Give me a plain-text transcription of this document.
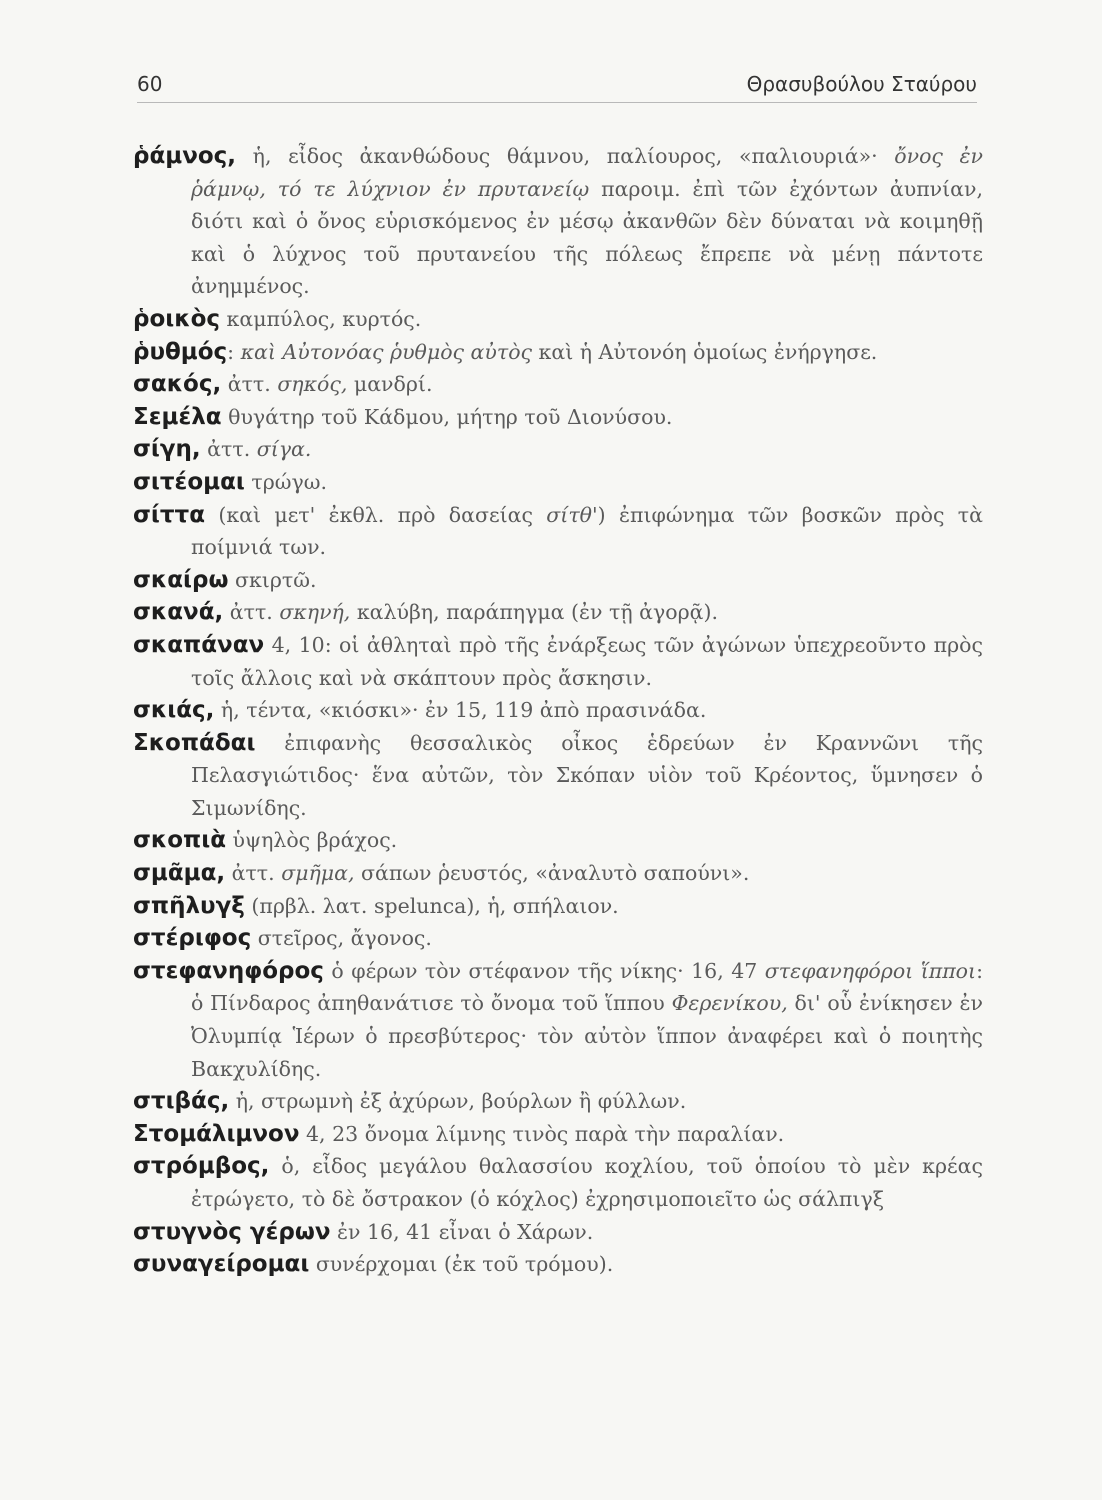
60	Θρασυβούλου Σταύρου
ῥάμνος, ἡ, εἶδος ἀκανθώδους θάμνου, παλίουρος, «παλιουριά»· ὄνος ἐν ῥάμνῳ, τό τε λύχνιον ἐν πρυτανείῳ παροιμ. ἐπὶ τῶν ἐχόντων ἀυπνίαν, διότι καὶ ὁ ὄνος εὑρισκόμενος ἐν μέσῳ ἀκανθῶν δὲν δύναται νὰ κοιμηθῇ καὶ ὁ λύχνος τοῦ πρυτανείου τῆς πόλεως ἔπρεπε νὰ μένῃ πάντοτε ἀνημμένος.
ῥοικὸς καμπύλος, κυρτός.
ῥυθμός: καὶ Αὐτονόας ῥυθμὸς αὐτὸς καὶ ἡ Αὐτονόη ὁμοίως ἐνήργησε.
σακός, ἀττ. σηκός, μανδρί.
Σεμέλα θυγάτηρ τοῦ Κάδμου, μήτηρ τοῦ Διονύσου.
σίγη, ἀττ. σίγα.
σιτέομαι τρώγω.
σίττα (καὶ μετ' ἐκθλ. πρὸ δασείας σίτθ') ἐπιφώνημα τῶν βοσκῶν πρὸς τὰ ποίμνιά των.
σκαίρω σκιρτῶ.
σκανά, ἀττ. σκηνή, καλύβη, παράπηγμα (ἐν τῇ ἀγορᾷ).
σκαπάναν 4, 10: οἱ ἀθληταὶ πρὸ τῆς ἐνάρξεως τῶν ἀγώνων ὑπεχρεοῦντο πρὸς τοῖς ἄλλοις καὶ νὰ σκάπτουν πρὸς ἄσκησιν.
σκιάς, ἡ, τέντα, «κιόσκι»· ἐν 15, 119 ἀπὸ πρασινάδα.
Σκοπάδαι ἐπιφανὴς θεσσαλικὸς οἶκος ἑδρεύων ἐν Κραννῶνι τῆς Πελασγιώτιδος· ἕνα αὐτῶν, τὸν Σκόπαν υἱὸν τοῦ Κρέοντος, ὕμνησεν ὁ Σιμωνίδης.
σκοπιὰ ὑψηλὸς βράχος.
σμᾶμα, ἀττ. σμῆμα, σάπων ῥευστός, «ἀναλυτὸ σαπούνι».
σπῆλυγξ (πρβλ. λατ. spelunca), ἡ, σπήλαιον.
στέριφος στεῖρος, ἄγονος.
στεφανηφόρος ὁ φέρων τὸν στέφανον τῆς νίκης· 16, 47 στεφανηφόροι ἵπποι: ὁ Πίνδαρος ἀπηθανάτισε τὸ ὄνομα τοῦ ἵππου Φερενίκου, δι' οὗ ἐνίκησεν ἐν Ὀλυμπίᾳ Ἱέρων ὁ πρεσβύτερος· τὸν αὐτὸν ἵππον ἀναφέρει καὶ ὁ ποιητὴς Βακχυλίδης.
στιβάς, ἡ, στρωμνὴ ἐξ ἀχύρων, βούρλων ἢ φύλλων.
Στομάλιμνον 4, 23 ὄνομα λίμνης τινὸς παρὰ τὴν παραλίαν.
στρόμβος, ὁ, εἶδος μεγάλου θαλασσίου κοχλίου, τοῦ ὁποίου τὸ μὲν κρέας ἐτρώγετο, τὸ δὲ ὄστρακον (ὁ κόχλος) ἐχρησιμοποιεῖτο ὡς σάλπιγξ
στυγνὸς γέρων ἐν 16, 41 εἶναι ὁ Χάρων.
συναγείρομαι συνέρχομαι (ἐκ τοῦ τρόμου).
